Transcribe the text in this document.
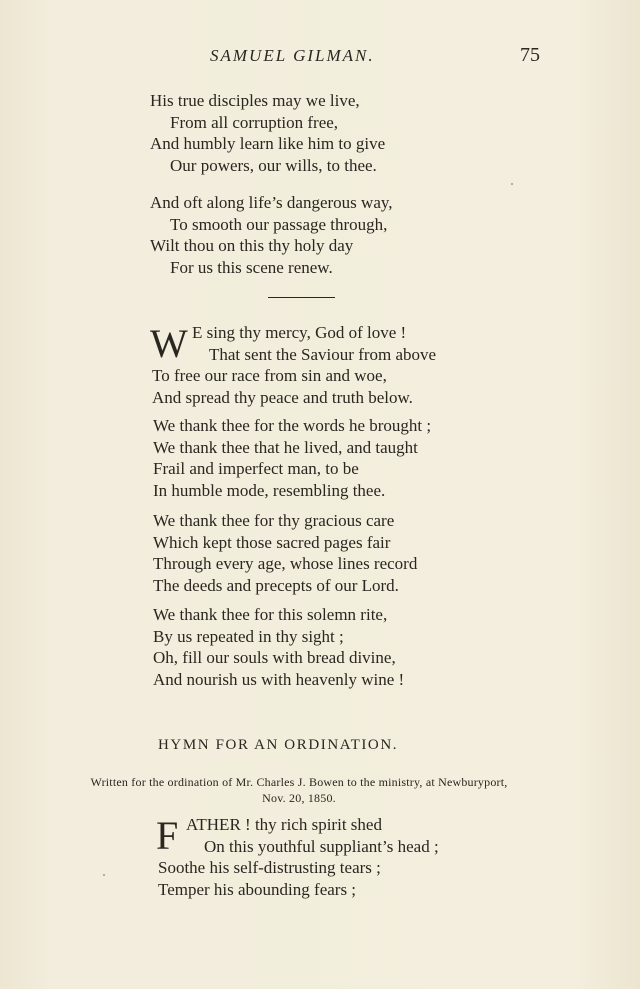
SAMUEL GILMAN.	75
His true disciples may we live,
From all corruption free,
And humbly learn like him to give
Our powers, our wills, to thee.
And oft along life’s dangerous way,
To smooth our passage through,
Wilt thou on this thy holy day
For us this scene renew.
W E sing thy mercy, God of love !
That sent the Saviour from above
To free our race from sin and woe,
And spread thy peace and truth below.
We thank thee for the words he brought ;
We thank thee that he lived, and taught
Frail and imperfect man, to be
In humble mode, resembling thee.
We thank thee for thy gracious care
Which kept those sacred pages fair
Through every age, whose lines record
The deeds and precepts of our Lord.
We thank thee for this solemn rite,
By us repeated in thy sight ;
Oh, fill our souls with bread divine,
And nourish us with heavenly wine !
HYMN FOR AN ORDINATION.
Written for the ordination of Mr. Charles J. Bowen to the ministry, at Newburyport,
Nov. 20, 1850.
F ATHER ! thy rich spirit shed
On this youthful suppliant’s head ;
Soothe his self-distrusting tears ;
Temper his abounding fears ;
